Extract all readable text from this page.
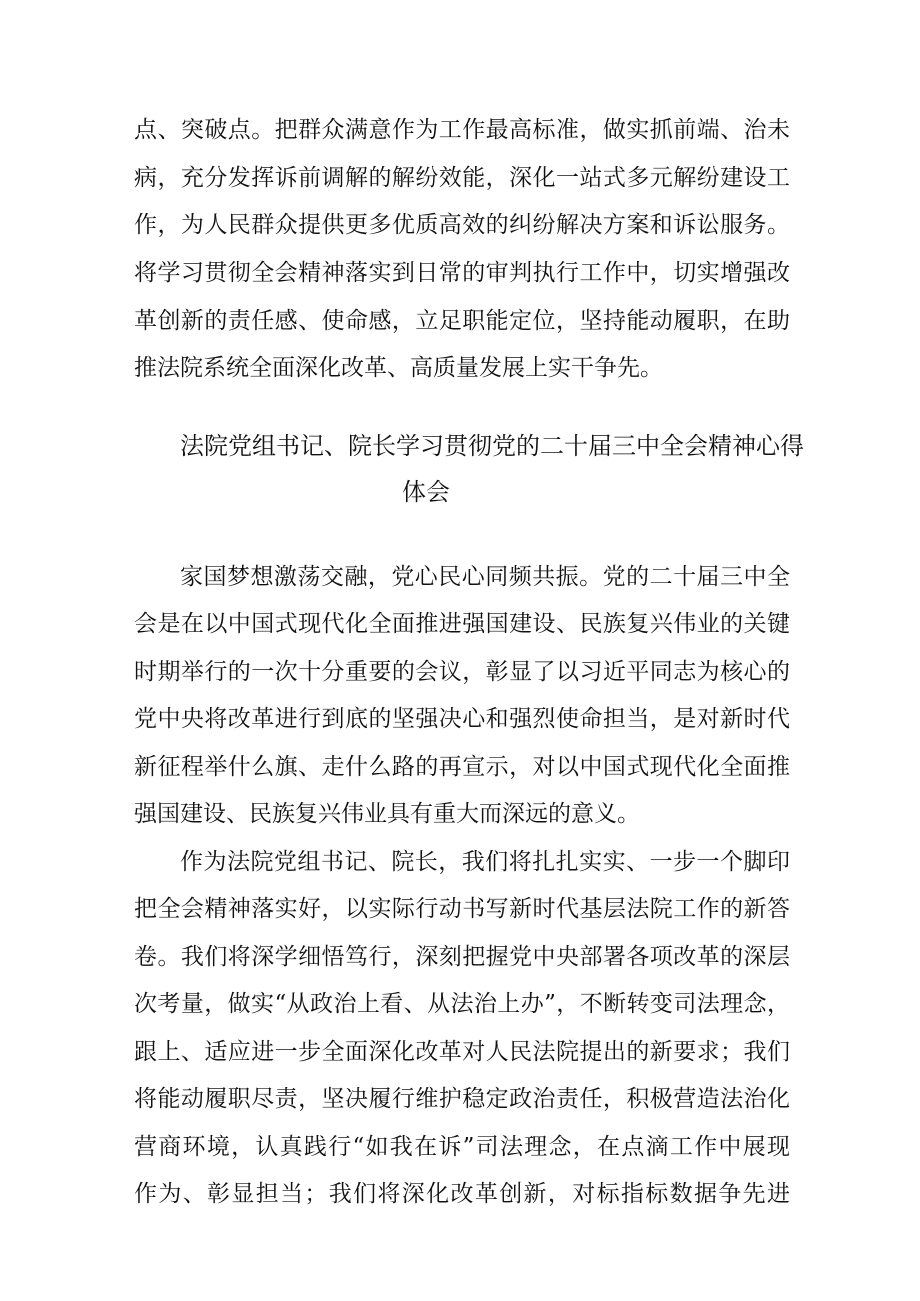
点、突破点。把群众满意作为工作最高标准，做实抓前端、治未
病，充分发挥诉前调解的解纷效能，深化一站式多元解纷建设工
作，为人民群众提供更多优质高效的纠纷解决方案和诉讼服务。
将学习贯彻全会精神落实到日常的审判执行工作中，切实增强改
革创新的责任感、使命感，立足职能定位，坚持能动履职，在助
推法院系统全面深化改革、高质量发展上实干争先。
法院党组书记、院长学习贯彻党的二十届三中全会精神心得
体会
家国梦想激荡交融，党心民心同频共振。党的二十届三中全
会是在以中国式现代化全面推进强国建设、民族复兴伟业的关键
时期举行的一次十分重要的会议，彰显了以习近平同志为核心的
党中央将改革进行到底的坚强决心和强烈使命担当，是对新时代
新征程举什么旗、走什么路的再宣示，对以中国式现代化全面推
强国建设、民族复兴伟业具有重大而深远的意义。
作为法院党组书记、院长，我们将扎扎实实、一步一个脚印
把全会精神落实好，以实际行动书写新时代基层法院工作的新答
卷。我们将深学细悟笃行，深刻把握党中央部署各项改革的深层
次考量，做实“从政治上看、从法治上办”，不断转变司法理念，
跟上、适应进一步全面深化改革对人民法院提出的新要求；我们
将能动履职尽责，坚决履行维护稳定政治责任，积极营造法治化
营商环境，认真践行“如我在诉”司法理念，在点滴工作中展现
作为、彰显担当；我们将深化改革创新，对标指标数据争先进
